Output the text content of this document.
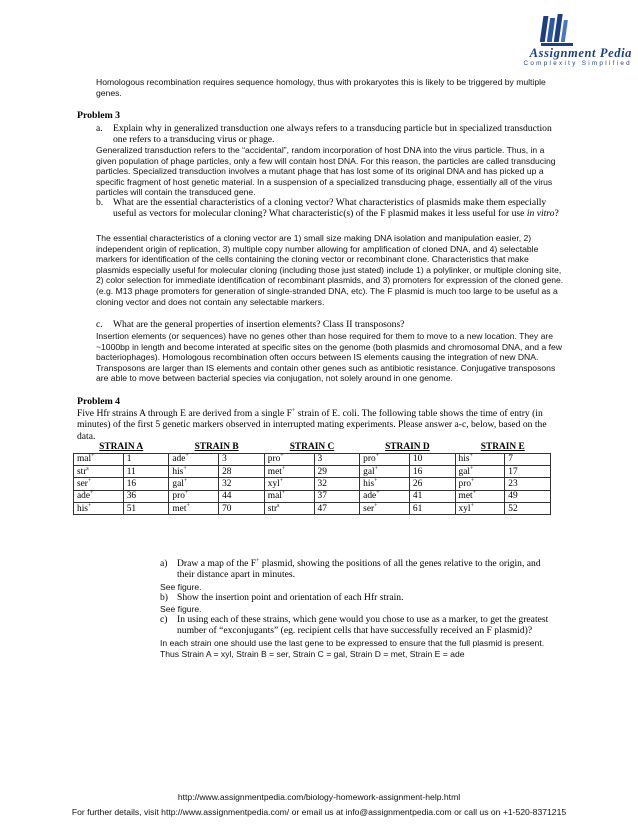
Assignment Pedia
Complexity Simplified
Homologous recombination requires sequence homology, thus with prokaryotes this is likely to be triggered by multiple genes.
Problem 3
a. Explain why in generalized transduction one always refers to a transducing particle but in specialized transduction one refers to a transducing virus or phage.
Generalized transduction refers to the “accidental”, random incorporation of host DNA into the virus particle. Thus, in a given population of phage particles, only a few will contain host DNA. For this reason, the particles are called transducing particles. Specialized transduction involves a mutant phage that has lost some of its original DNA and has picked up a specific fragment of host genetic material. In a suspension of a specialized transducing phage, essentially all of the virus particles will contain the transduced gene.
b. What are the essential characteristics of a cloning vector? What characteristics of plasmids make them especially useful as vectors for molecular cloning? What characteristic(s) of the F plasmid makes it less useful for use in vitro?
The essential characteristics of a cloning vector are 1) small size making DNA isolation and manipulation easier, 2) independent origin of replication, 3) multiple copy number allowing for amplification of cloned DNA, and 4) selectable markers for identification of the cells containing the cloning vector or recombinant clone. Characteristics that make plasmids especially useful for molecular cloning (including those just stated) include 1) a polylinker, or multiple cloning site, 2) color selection for immediate identification of recombinant plasmids, and 3) promoters for expression of the cloned gene. (e.g. M13 phage promoters for generation of single-stranded DNA, etc). The F plasmid is much too large to be useful as a cloning vector and does not contain any selectable markers.
c. What are the general properties of insertion elements? Class II transposons?
Insertion elements (or sequences) have no genes other than hose required for them to move to a new location. They are ~1000bp in length and become interated at specific sites on the genome (both plasmids and chromosomal DNA, and a few bacteriophages). Homologous recombination often occurs between IS elements causing the integration of new DNA. Transposons are larger than IS elements and contain other genes such as antibiotic resistance. Conjugative transposons are able to move between bacterial species via conjugation, not solely around in one genome.
Problem 4
Five Hfr strains A through E are derived from a single F+ strain of E. coli. The following table shows the time of entry (in minutes) of the first 5 genetic markers observed in interrupted mating experiments. Please answer a-c, below, based on the data.
STRAIN A		STRAIN B		STRAIN C		STRAIN D		STRAIN E	
mal+	1	ade+	3	pro+	3	pro+	10	his+	7
str$^s$	11	his+	28	met+	29	gal+	16	gal+	17
ser+	16	gal+	32	xyl+	32	his+	26	pro+	23
ade+	36	pro+	44	mal+	37	ade+	41	met+	49
his+	51	met+	70	str$^s$	47	ser+	61	xyl+	52
a) Draw a map of the F+ plasmid, showing the positions of all the genes relative to the origin, and their distance apart in minutes.
See figure.
b) Show the insertion point and orientation of each Hfr strain.
See figure.
c) In using each of these strains, which gene would you chose to use as a marker, to get the greatest number of “exconjugants” (eg. recipient cells that have successfully received an F plasmid)?
In each strain one should use the last gene to be expressed to ensure that the full plasmid is present.
Thus Strain A = xyl, Strain B = ser, Strain C = gal, Strain D = met, Strain E = ade
http://www.assignmentpedia.com/biology-homework-assignment-help.html
For further details, visit http://www.assignmentpedia.com/ or email us at info@assignmentpedia.com or call us on +1-520-8371215
